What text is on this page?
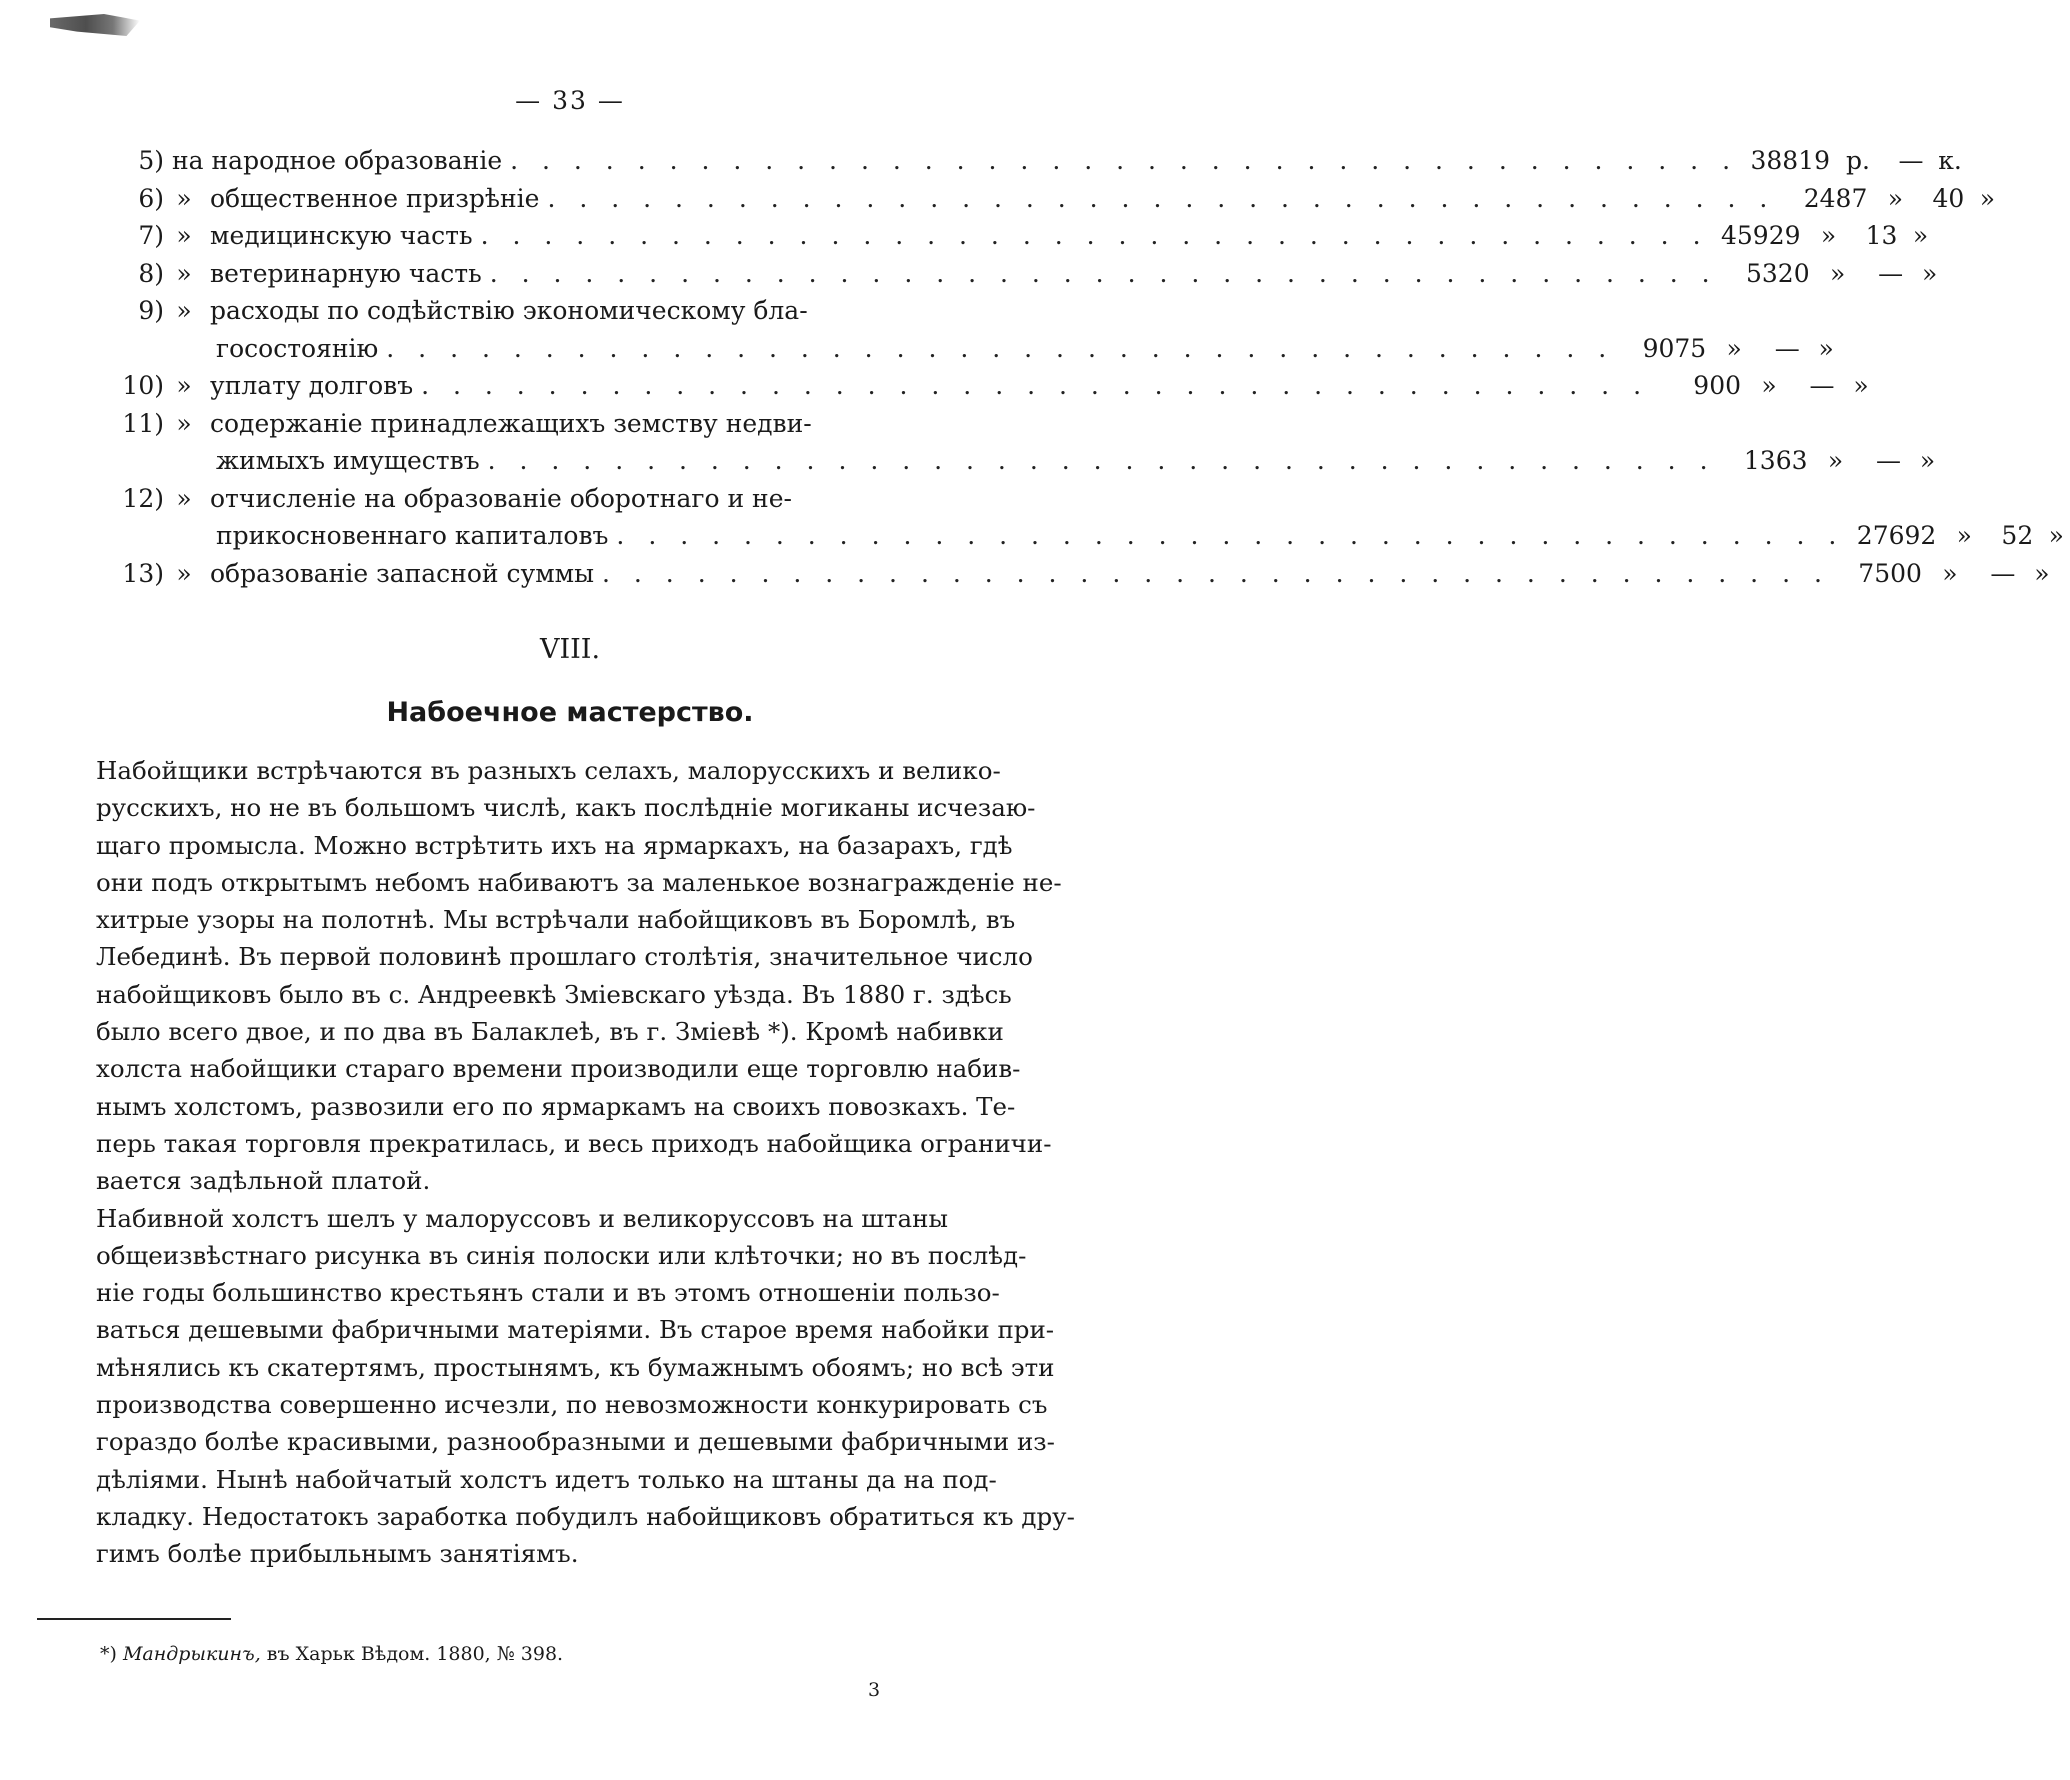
— 33 —
5) на народное образованіе . . .	38819 р.	— к.
6) » общественное призрѣніе . . .	2487 »	40 »
7) » медицинскую часть . . .	45929 »	13 »
8) » ветеринарную часть . . .	5320 »	— »
9) » расходы по содѣйствію экономическому бла-
госостоянію . . .	9075 »	— »
10) » уплату долговъ . . .	900 »	— »
11) » содержаніе принадлежащихъ земству недви-
жимыхъ имуществъ . . .	1363 »	— »
12) » отчисленіе на образованіе оборотнаго и не-
прикосновеннаго капиталовъ . . .	27692 »	52 »
13) » образованіе запасной суммы . . .	7500 »	— »
VIII.
Набоечное мастерство.

Набойщики встрѣчаются въ разныхъ селахъ, малорусскихъ и велико-
русскихъ, но не въ большомъ числѣ, какъ послѣдніе могиканы исчезаю-
щаго промысла. Можно встрѣтить ихъ на ярмаркахъ, на базарахъ, гдѣ
они подъ открытымъ небомъ набиваютъ за маленькое вознагражденіе не-
хитрые узоры на полотнѣ. Мы встрѣчали набойщиковъ въ Боромлѣ, въ
Лебединѣ. Въ первой половинѣ прошлаго столѣтія, значительное число
набойщиковъ было въ с. Андреевкѣ Зміевскаго уѣзда. Въ 1880 г. здѣсь
было всего двое, и по два въ Балаклеѣ, въ г. Зміевѣ *). Кромѣ набивки
холста набойщики стараго времени производили еще торговлю набив-
нымъ холстомъ, развозили его по ярмаркамъ на своихъ повозкахъ. Те-
перь такая торговля прекратилась, и весь приходъ набойщика ограничи-
вается задѣльной платой.

Набивной холстъ шелъ у малоруссовъ и великоруссовъ на штаны
общеизвѣстнаго рисунка въ синія полоски или клѣточки; но въ послѣд-
ніе годы большинство крестьянъ стали и въ этомъ отношеніи пользо-
ваться дешевыми фабричными матеріями. Въ старое время набойки при-
мѣнялись къ скатертямъ, простынямъ, къ бумажнымъ обоямъ; но всѣ эти
производства совершенно исчезли, по невозможности конкурировать съ
гораздо болѣе красивыми, разнообразными и дешевыми фабричными из-
дѣліями. Нынѣ набойчатый холстъ идетъ только на штаны да на под-
кладку. Недостатокъ заработка побудилъ набойщиковъ обратиться къ дру-
гимъ болѣе прибыльнымъ занятіямъ.

*) Мандрыкинъ, въ Харьк Вѣдом. 1880, № 398.
3
